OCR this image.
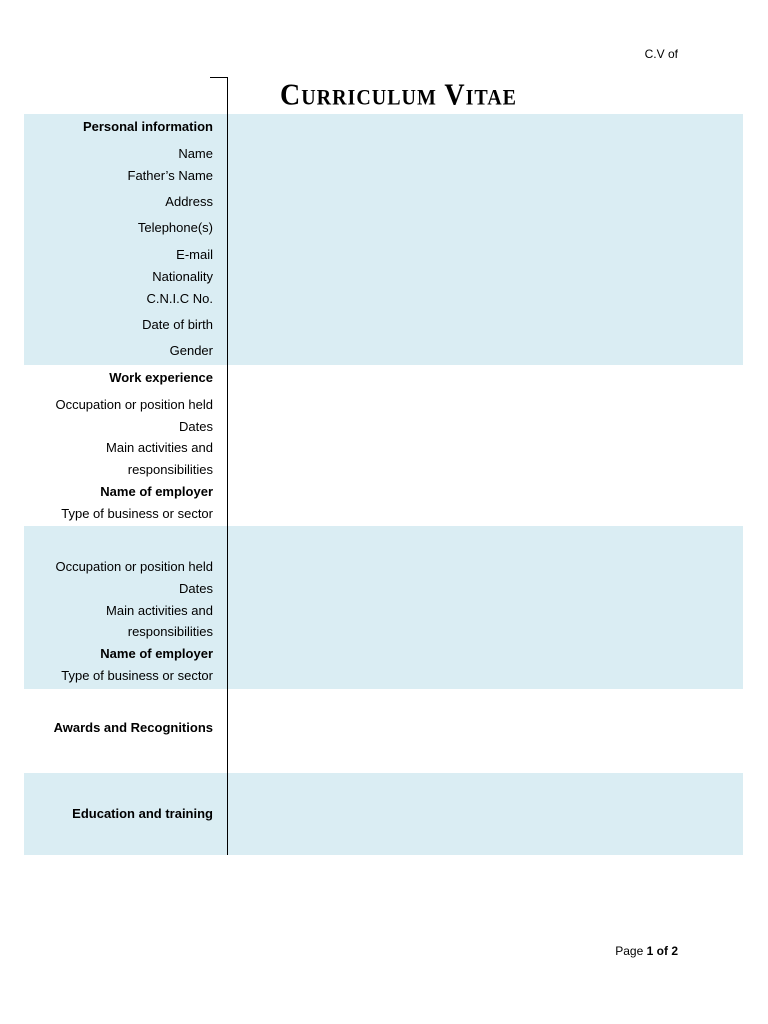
C.V of
Curriculum Vitae
Personal information
Name
Father’s Name
Address
Telephone(s)
E-mail
Nationality
C.N.I.C No.
Date of birth
Gender
Work experience
Occupation or position held
Dates
Main activities and
responsibilities
Name of employer
Type of business or sector
Occupation or position held
Dates
Main activities and
responsibilities
Name of employer
Type of business or sector
Awards and Recognitions
Education and training
Page 1 of 2
